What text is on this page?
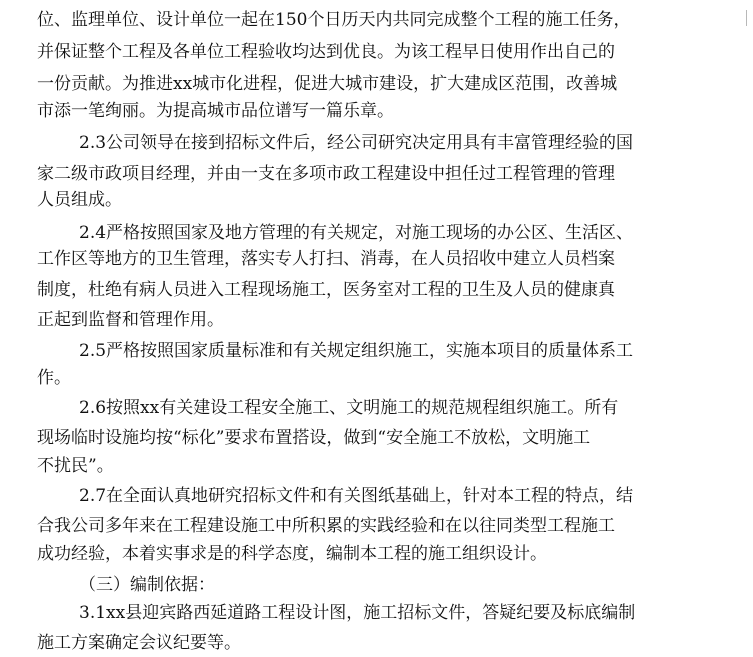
位、监理单位、设计单位一起在150个日历天内共同完成整个工程的施工任务，
并保证整个工程及各单位工程验收均达到优良。为该工程早日使用作出自己的
一份贡献。为推进xx城市化进程，促进大城市建设，扩大建成区范围，改善城
市添一笔绚丽。为提高城市品位谱写一篇乐章。
2.3公司领导在接到招标文件后，经公司研究决定用具有丰富管理经验的国
家二级市政项目经理，并由一支在多项市政工程建设中担任过工程管理的管理
人员组成。
2.4严格按照国家及地方管理的有关规定，对施工现场的办公区、生活区、
工作区等地方的卫生管理，落实专人打扫、消毒，在人员招收中建立人员档案
制度，杜绝有病人员进入工程现场施工，医务室对工程的卫生及人员的健康真
正起到监督和管理作用。
2.5严格按照国家质量标准和有关规定组织施工，实施本项目的质量体系工
作。
2.6按照xx有关建设工程安全施工、文明施工的规范规程组织施工。所有
现场临时设施均按“标化”要求布置搭设，做到“安全施工不放松，文明施工
不扰民”。
2.7在全面认真地研究招标文件和有关图纸基础上，针对本工程的特点，结
合我公司多年来在工程建设施工中所积累的实践经验和在以往同类型工程施工
成功经验，本着实事求是的科学态度，编制本工程的施工组织设计。
（三）编制依据：
3.1xx县迎宾路西延道路工程设计图，施工招标文件，答疑纪要及标底编制
施工方案确定会议纪要等。
